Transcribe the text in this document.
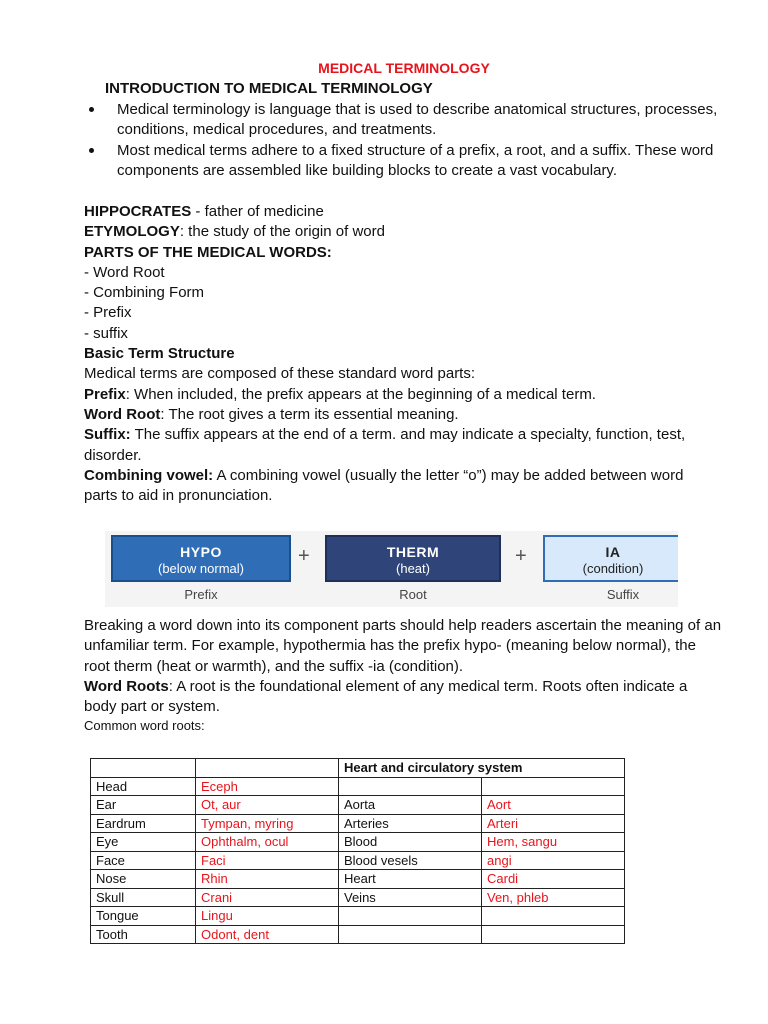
MEDICAL TERMINOLOGY
INTRODUCTION TO MEDICAL TERMINOLOGY
Medical terminology is language that is used to describe anatomical structures, processes, conditions, medical procedures, and treatments.
Most medical terms adhere to a fixed structure of a prefix, a root, and a suffix. These word components are assembled like building blocks to create a vast vocabulary.

HIPPOCRATES - father of medicine

ETYMOLOGY: the study of the origin of word

PARTS OF THE MEDICAL WORDS:

- Word Root

- Combining Form

- Prefix

- suffix

Basic Term Structure

Medical terms are composed of these standard word parts:

Prefix: When included, the prefix appears at the beginning of a medical term.

Word Root: The root gives a term its essential meaning.

Suffix: The suffix appears at the end of a term. and may indicate a specialty, function, test, disorder.

Combining vowel: A combining vowel (usually the letter “o”) may be added between word

parts to aid in pronunciation.

HYPO
(below normal)
+	THERM
(heat)
+	IA
(condition)
Prefix	Root	Suffix

Breaking a word down into its component parts should help readers ascertain the meaning of an unfamiliar term. For example, hypothermia has the prefix hypo- (meaning below normal), the root therm (heat or warmth), and the suffix -ia (condition).

Word Roots: A root is the foundational element of any medical term. Roots often indicate a body part or system.

Common word roots:

		Heart and circulatory system	
Head	Eceph		
Ear	Ot, aur	Aorta	Aort
Eardrum	Tympan, myring	Arteries	Arteri
Eye	Ophthalm, ocul	Blood	Hem, sangu
Face	Faci	Blood vesels	angi
Nose	Rhin	Heart	Cardi
Skull	Crani	Veins	Ven, phleb
Tongue	Lingu		
Tooth	Odont, dent		
